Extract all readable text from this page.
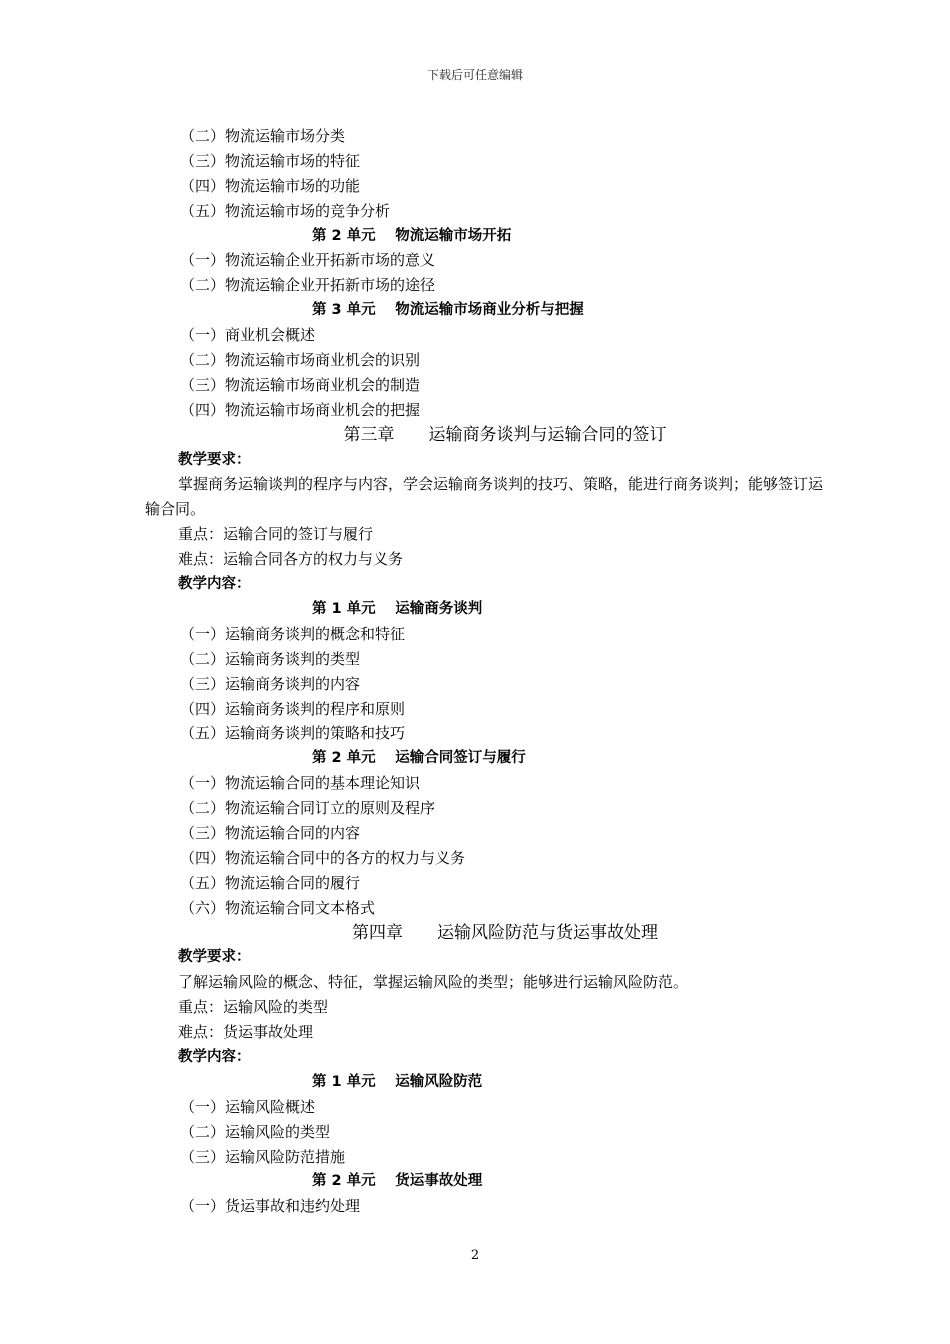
下载后可任意编辑
（二）物流运输市场分类
（三）物流运输市场的特征
（四）物流运输市场的功能
（五）物流运输市场的竞争分析
第 2 单元　 物流运输市场开拓
（一）物流运输企业开拓新市场的意义
（二）物流运输企业开拓新市场的途径
第 3 单元　 物流运输市场商业分析与把握
（一）商业机会概述
（二）物流运输市场商业机会的识别
（三）物流运输市场商业机会的制造
（四）物流运输市场商业机会的把握
第三章　　运输商务谈判与运输合同的签订
教学要求：
掌握商务运输谈判的程序与内容，学会运输商务谈判的技巧、策略，能进行商务谈判；能够签订运输合同。
重点：运输合同的签订与履行
难点：运输合同各方的权力与义务
教学内容：
第 1 单元　 运输商务谈判
（一）运输商务谈判的概念和特征
（二）运输商务谈判的类型
（三）运输商务谈判的内容
（四）运输商务谈判的程序和原则
（五）运输商务谈判的策略和技巧
第 2 单元　 运输合同签订与履行
（一）物流运输合同的基本理论知识
（二）物流运输合同订立的原则及程序
（三）物流运输合同的内容
（四）物流运输合同中的各方的权力与义务
（五）物流运输合同的履行
（六）物流运输合同文本格式
第四章　　运输风险防范与货运事故处理
教学要求：
了解运输风险的概念、特征，掌握运输风险的类型；能够进行运输风险防范。
重点：运输风险的类型
难点：货运事故处理
教学内容：
第 1 单元　 运输风险防范
（一）运输风险概述
（二）运输风险的类型
（三）运输风险防范措施
第 2 单元　 货运事故处理
（一）货运事故和违约处理
2
